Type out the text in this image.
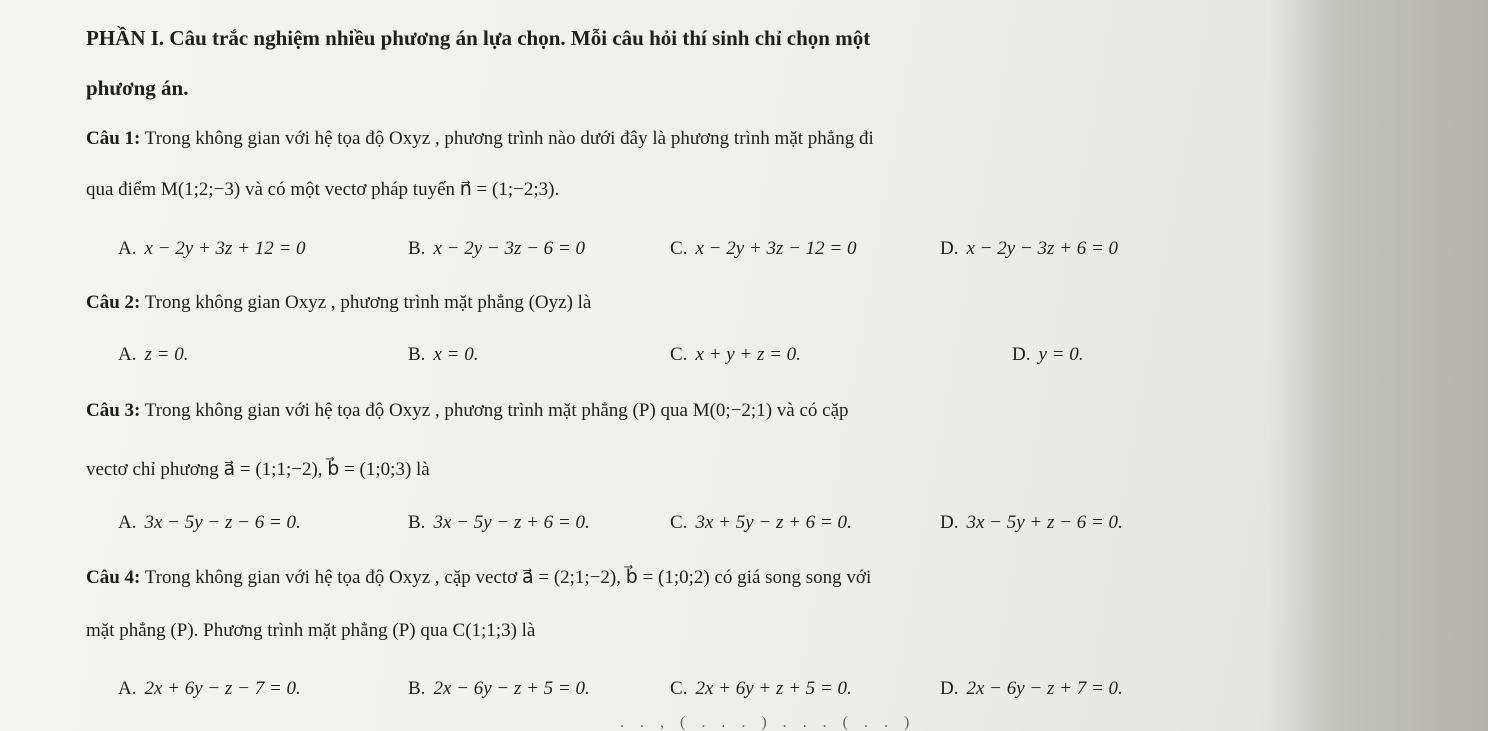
PHẦN I. Câu trắc nghiệm nhiều phương án lựa chọn. Mỗi câu hỏi thí sinh chỉ chọn một
phương án.
Câu 1: Trong không gian với hệ tọa độ Oxyz , phương trình nào dưới đây là phương trình mặt phẳng đi
qua điểm M(1;2;−3) và có một vectơ pháp tuyến n⃗ = (1;−2;3).
A. x − 2y + 3z + 12 = 0	B. x − 2y − 3z − 6 = 0	C. x − 2y + 3z − 12 = 0	D. x − 2y − 3z + 6 = 0
Câu 2: Trong không gian Oxyz , phương trình mặt phẳng (Oyz) là
A. z = 0.	B. x = 0.	C. x + y + z = 0.	D. y = 0.
Câu 3: Trong không gian với hệ tọa độ Oxyz , phương trình mặt phẳng (P) qua M(0;−2;1) và có cặp
vectơ chỉ phương a⃗ = (1;1;−2), b⃗ = (1;0;3) là
A. 3x − 5y − z − 6 = 0.	B. 3x − 5y − z + 6 = 0.	C. 3x + 5y − z + 6 = 0.	D. 3x − 5y + z − 6 = 0.
Câu 4: Trong không gian với hệ tọa độ Oxyz , cặp vectơ a⃗ = (2;1;−2), b⃗ = (1;0;2) có giá song song với
mặt phẳng (P). Phương trình mặt phẳng (P) qua C(1;1;3) là
A. 2x + 6y − z − 7 = 0.	B. 2x − 6y − z + 5 = 0.	C. 2x + 6y + z + 5 = 0.	D. 2x − 6y − z + 7 = 0.
. . , ( . . . ) . . . ( . . )
